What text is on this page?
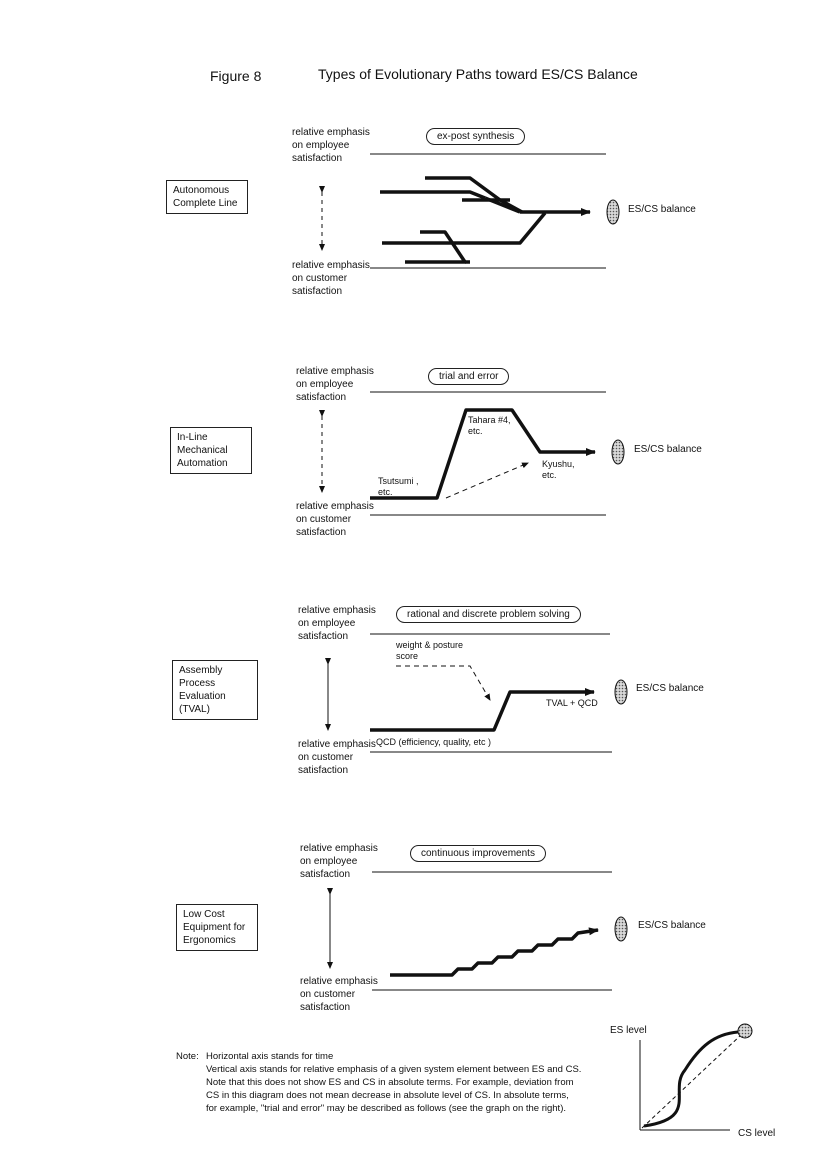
Figure 8	Types of Evolutionary Paths toward ES/CS Balance
relative emphasis on employee satisfaction
relative emphasis on customer satisfaction
Autonomous Complete Line
ex-post synthesis
ES/CS balance
relative emphasis on employee satisfaction
relative emphasis on customer satisfaction
In-Line Mechanical Automation
trial and error
Tsutsumi , etc.
Tahara #4, etc.
Kyushu, etc.
ES/CS balance
relative emphasis on employee satisfaction
relative emphasis on customer satisfaction
Assembly Process Evaluation (TVAL)
rational and discrete problem solving
weight & posture score
TVAL + QCD
QCD (efficiency, quality, etc )
ES/CS balance
relative emphasis on employee satisfaction
relative emphasis on customer satisfaction
Low Cost Equipment for Ergonomics
continuous improvements
ES/CS balance
Note: Horizontal axis stands for time
Vertical axis stands for relative emphasis of a given system element between ES and CS. Note that this does not show ES and CS in absolute terms. For example, deviation from CS in this diagram does not mean decrease in absolute level of CS. In absolute terms, for example, "trial and error" may be described as follows (see the graph on the right).
ES level
CS level
